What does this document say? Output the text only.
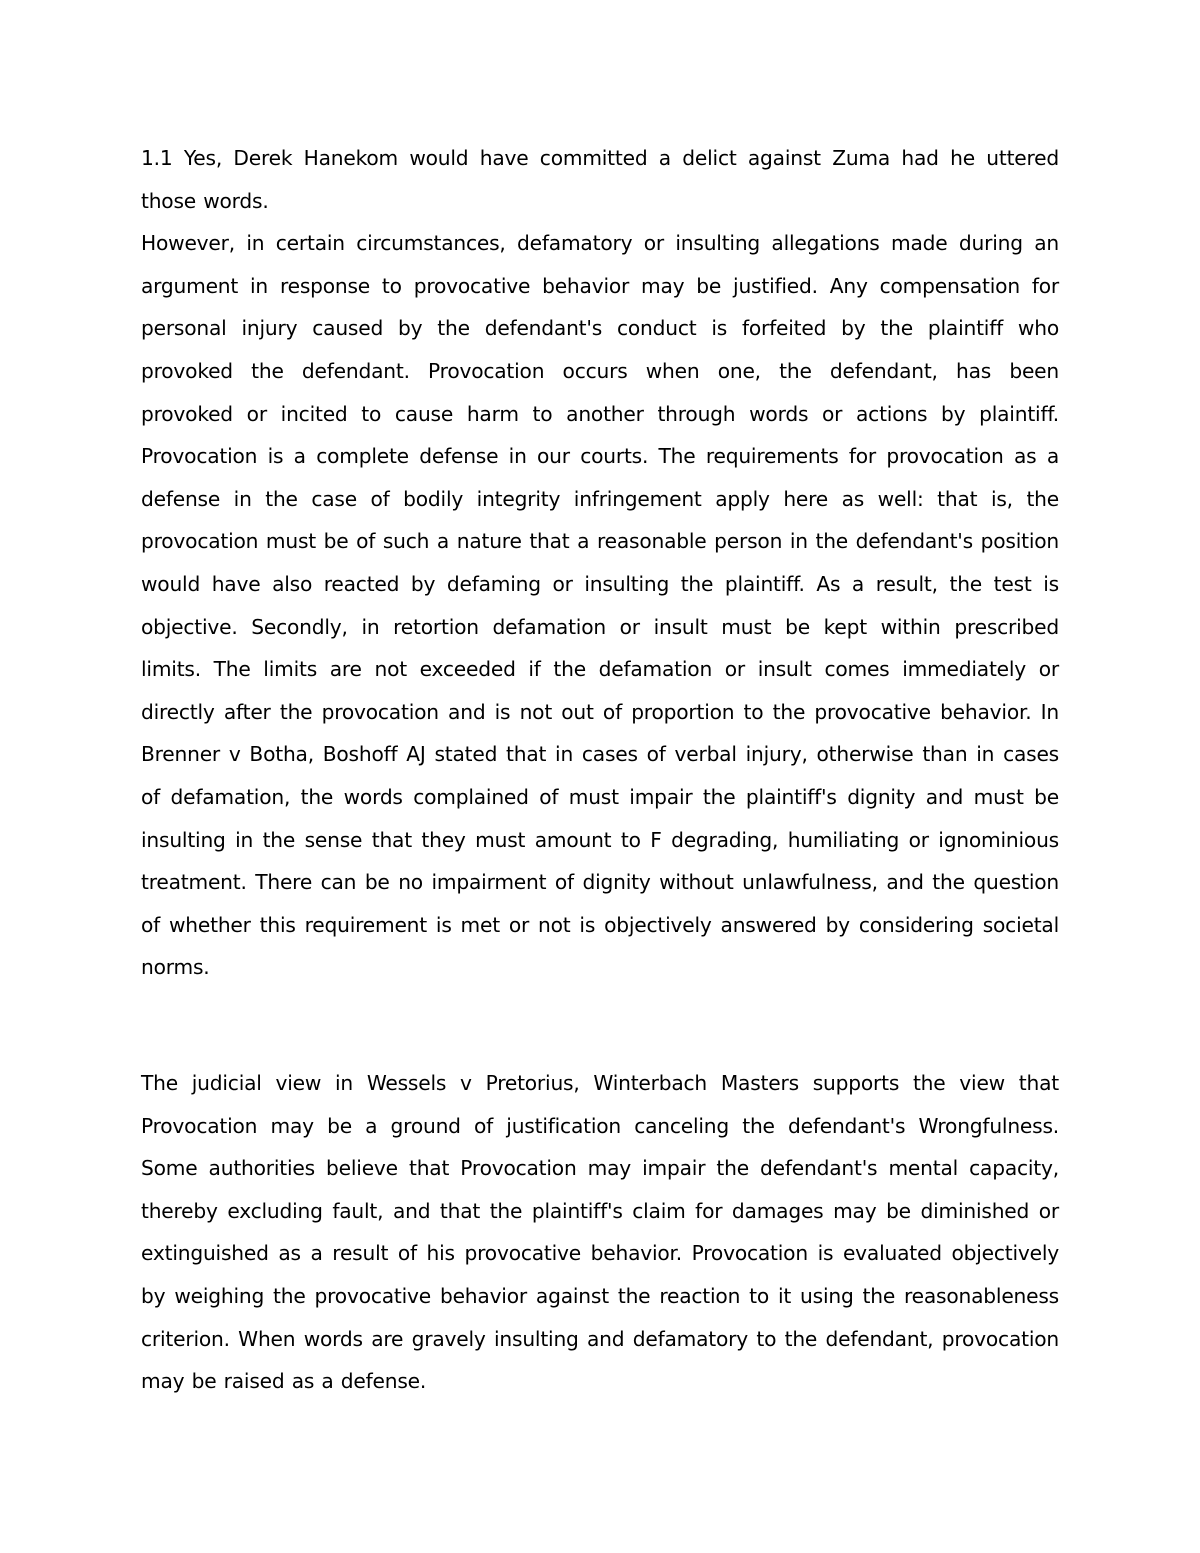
1.1 Yes, Derek Hanekom would have committed a delict against Zuma had he uttered
those words.
However, in certain circumstances, defamatory or insulting allegations made during an
argument in response to provocative behavior may be justified. Any compensation for
personal injury caused by the defendant's conduct is forfeited by the plaintiff who
provoked the defendant. Provocation occurs when one, the defendant, has been
provoked or incited to cause harm to another through words or actions by plaintiff.
Provocation is a complete defense in our courts. The requirements for provocation as a
defense in the case of bodily integrity infringement apply here as well: that is, the
provocation must be of such a nature that a reasonable person in the defendant's position
would have also reacted by defaming or insulting the plaintiff. As a result, the test is
objective. Secondly, in retortion defamation or insult must be kept within prescribed
limits. The limits are not exceeded if the defamation or insult comes immediately or
directly after the provocation and is not out of proportion to the provocative behavior. In
Brenner v Botha, Boshoff AJ stated that in cases of verbal injury, otherwise than in cases
of defamation, the words complained of must impair the plaintiff's dignity and must be
insulting in the sense that they must amount to F degrading, humiliating or ignominious
treatment. There can be no impairment of dignity without unlawfulness, and the question
of whether this requirement is met or not is objectively answered by considering societal
norms.
The judicial view in Wessels v Pretorius, Winterbach Masters supports the view that
Provocation may be a ground of justification canceling the defendant's Wrongfulness.
Some authorities believe that Provocation may impair the defendant's mental capacity,
thereby excluding fault, and that the plaintiff's claim for damages may be diminished or
extinguished as a result of his provocative behavior. Provocation is evaluated objectively
by weighing the provocative behavior against the reaction to it using the reasonableness
criterion. When words are gravely insulting and defamatory to the defendant, provocation
may be raised as a defense.
